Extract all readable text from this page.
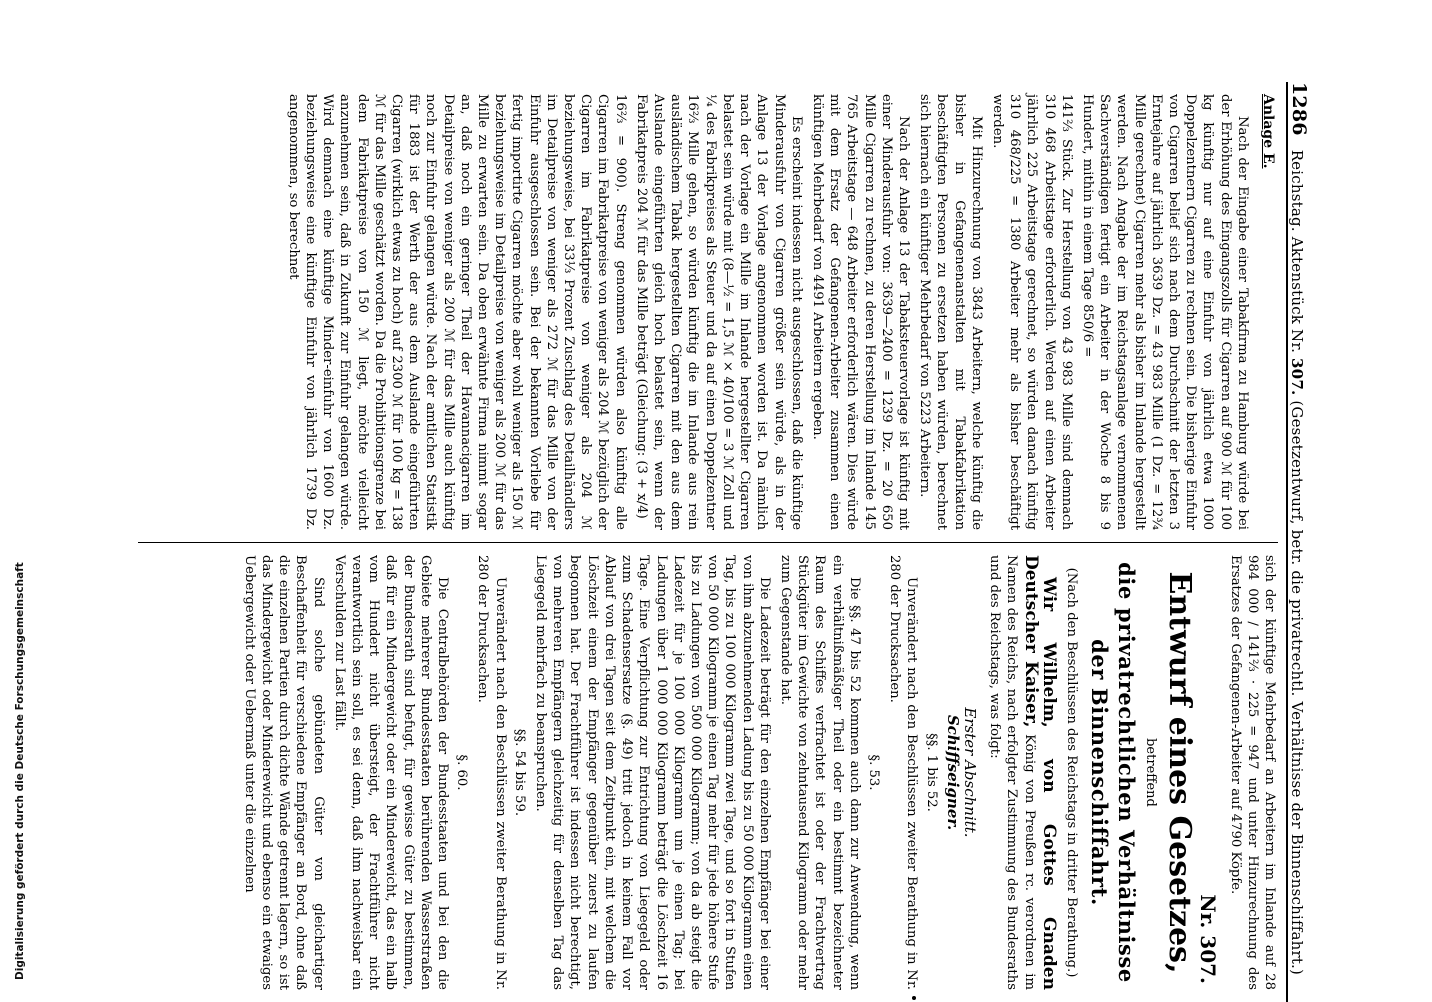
1286
Reichstag. Aktenstück Nr. 307. (Gesetzentwurf, betr. die privatrechtl. Verhältnisse der Binnenschiffahrt.)
Anlage E.

Nach der Eingabe einer Tabakfirma zu Hamburg würde bei der Erhöhung des Eingangszolls für Cigarren auf 900 ℳ für 100 kg künftig nur auf eine Einfuhr von jährlich etwa 1000 Doppelzentnern Cigarren zu rechnen sein. Die bisherige Einfuhr von Cigarren belief sich nach dem Durchschnitt der letzten 3 Erntejahre auf jährlich 3639 Dz. = 43 983 Mille (1 Dz. = 12¾ Mille gerechnet) Cigarren mehr als bisher im Inlande hergestellt werden. Nach Angabe der im Reichstagsanlage vernommenen Sachverständigen fertigt ein Arbeiter in der Woche 8 bis 9 Hundert, mithin in einem Tage 850/6 =

141⅔ Stück. Zur Herstellung von 43 983 Mille sind demnach 310 468 Arbeitstage erforderlich. Werden auf einen Arbeiter jährlich 225 Arbeitstage gerechnet, so würden danach künftig 310 468/225 = 1380 Arbeiter mehr als bisher beschäftigt werden.

Mit Hinzurechnung von 3843 Arbeitern, welche künftig die bisher in Gefangenenanstalten mit Tabakfabrikation beschäftigten Personen zu ersetzen haben würden, berechnet sich hiernach ein künftiger Mehrbedarf von 5223 Arbeitern.

Nach der Anlage 13 der Tabaksteuervorlage ist künftig mit einer Minderausfuhr von: 3639—2400 = 1239 Dz. = 20 650 Mille Cigarren zu rechnen, zu deren Herstellung im Inlande 145 765 Arbeitstage — 648 Arbeiter erforderlich wären. Dies würde mit dem Ersatz der Gefangenen-Arbeiter zusammen einen künftigen Mehrbedarf von 4491 Arbeitern ergeben.

Es erscheint indessen nicht ausgeschlossen, daß die künftige Minderausfuhr von Cigarren größer sein würde, als in der Anlage 13 der Vorlage angenommen worden ist. Da nämlich nach der Vorlage ein Mille im Inlande hergestellter Cigarren belastet sein würde mit (8—½ = 1,5 ℳ × 40/100 = 3 ℳ Zoll und ¼ des Fabrikpreises als Steuer und da auf einen Doppelzentner 16⅔ Mille gehen, so würden künftig die im Inlande aus rein ausländischem Tabak hergestellten Cigarren mit den aus dem Auslande eingeführten gleich hoch belastet sein, wenn der Fabrikatpreis 204 ℳ für das Mille beträgt (Gleichung: (3 + x/4)

16⅔ = 900). Streng genommen würden also künftig alle Cigarren im Fabrikatpreise von weniger als 204 ℳ bezüglich der Cigarren im Fabrikatpreise von weniger als 204 ℳ beziehungsweise, bei 33⅓ Prozent Zuschlag des Detailhändlers im Detailpreise von weniger als 272 ℳ für das Mille von der Einfuhr ausgeschlossen sein. Bei der bekannten Vorliebe für fertig importirte Cigarren möchte aber wohl weniger als 150 ℳ beziehungsweise im Detailpreise von weniger als 200 ℳ für das Mille zu erwarten sein. Da oben erwähnte Firma nimmt sogar an, daß noch ein geringer Theil der Havannacigarren im Detailpreise von weniger als 200 ℳ für das Mille auch künftig noch zur Einfuhr gelangen würde. Nach der amtlichen Statistik für 1883 ist der Werth der aus dem Auslande eingeführten Cigarren (wirklich etwas zu hoch) auf 2300 ℳ für 100 kg = 138 ℳ für das Mille geschätzt worden. Da die Prohibitionsgrenze bei dem Fabrikatpreise von 150 ℳ liegt, möchte vielleicht anzunehmen sein, daß in Zukunft zur Einfuhr gelangen würde. Wird demnach eine künftige Minder-einfuhr von 1600 Dz. beziehungsweise eine künftige Einfuhr von jährlich 1739 Dz. angenommen, so berechnet

sich der künftige Mehrbedarf an Arbeitern im Inlande auf 28 984 000 / 141⅔ · 225 = 947 und unter Hinzurechnung des Ersatzes der Gefangenen-Arbeiter auf 4790 Köpfe.

Nr. 307.
Entwurf eines Gesetzes,
betreffend
die privatrechtlichen Verhältnisse der Binnenschiffahrt.
(Nach den Beschlüssen des Reichstags in dritter Berathung.)

Wir Wilhelm, von Gottes Gnaden Deutscher Kaiser, König von Preußen rc. verordnen im Namen des Reichs, nach erfolgter Zustimmung des Bundesraths und des Reichstags, was folgt:

Erster Abschnitt.
Schiffseigner.
§§. 1 bis 52.

Unverändert nach den Beschlüssen zweiter Berathung in Nr. 280 der Drucksachen.

§. 53.

Die §§. 47 bis 52 kommen auch dann zur Anwendung, wenn ein verhältnißmäßiger Theil oder ein bestimmt bezeichneter Raum des Schiffes verfrachtet ist oder der Frachtvertrag Stückgüter im Gewichte von zehntausend Kilogramm oder mehr zum Gegenstande hat.

Die Ladezeit beträgt für den einzelnen Empfänger bei einer von ihm abzunehmenden Ladung bis zu 50 000 Kilogramm einen Tag, bis zu 100 000 Kilogramm zwei Tage, und so fort in Stufen von 50 000 Kilogramm je einen Tag mehr für jede höhere Stufe bis zu Ladungen von 500 000 Kilogramm; von da ab steigt die Ladezeit für je 100 000 Kilogramm um je einen Tag; bei Ladungen über 1 000 000 Kilogramm beträgt die Löschzeit 16 Tage. Eine Verpflichtung zur Entrichtung von Liegegeld oder zum Schadensersatze (§. 49) tritt jedoch in keinem Fall vor Ablauf von drei Tagen seit dem Zeitpunkt ein, mit welchem die Löschzeit einem der Empfänger gegenüber zuerst zu laufen begonnen hat. Der Frachtführer ist indessen nicht berechtigt, von mehreren Empfängern gleichzeitig für denselben Tag das Liegegeld mehrfach zu beanspruchen.

§§. 54 bis 59.

Unverändert nach den Beschlüssen zweiter Berathung in Nr. 280 der Drucksachen.

§. 60.

Die Centralbehörden der Bundesstaaten und bei den die Gebiete mehrerer Bundesstaaten berührenden Wasserstraßen der Bundesrath sind befugt, für gewisse Güter zu bestimmen, daß für ein Mindergewicht oder ein Minderewicht, das ein halb vom Hundert nicht übersteigt, der Frachtführer nicht verantwortlich sein soll, es sei denn, daß ihm nachweisbar ein Verschulden zur Last fällt.

Sind solche gebündeten Güter von gleichartiger Beschaffenheit für verschiedene Empfänger an Bord, ohne daß die einzelnen Partien durch dichte Wände getrennt lagern, so ist das Mindergewicht oder Minderewicht und ebenso ein etwaiges Uebergewicht oder Uebermaß unter die einzelnen

Digitalisierung gefördert durch die Deutsche Forschungsgemeinschaft
